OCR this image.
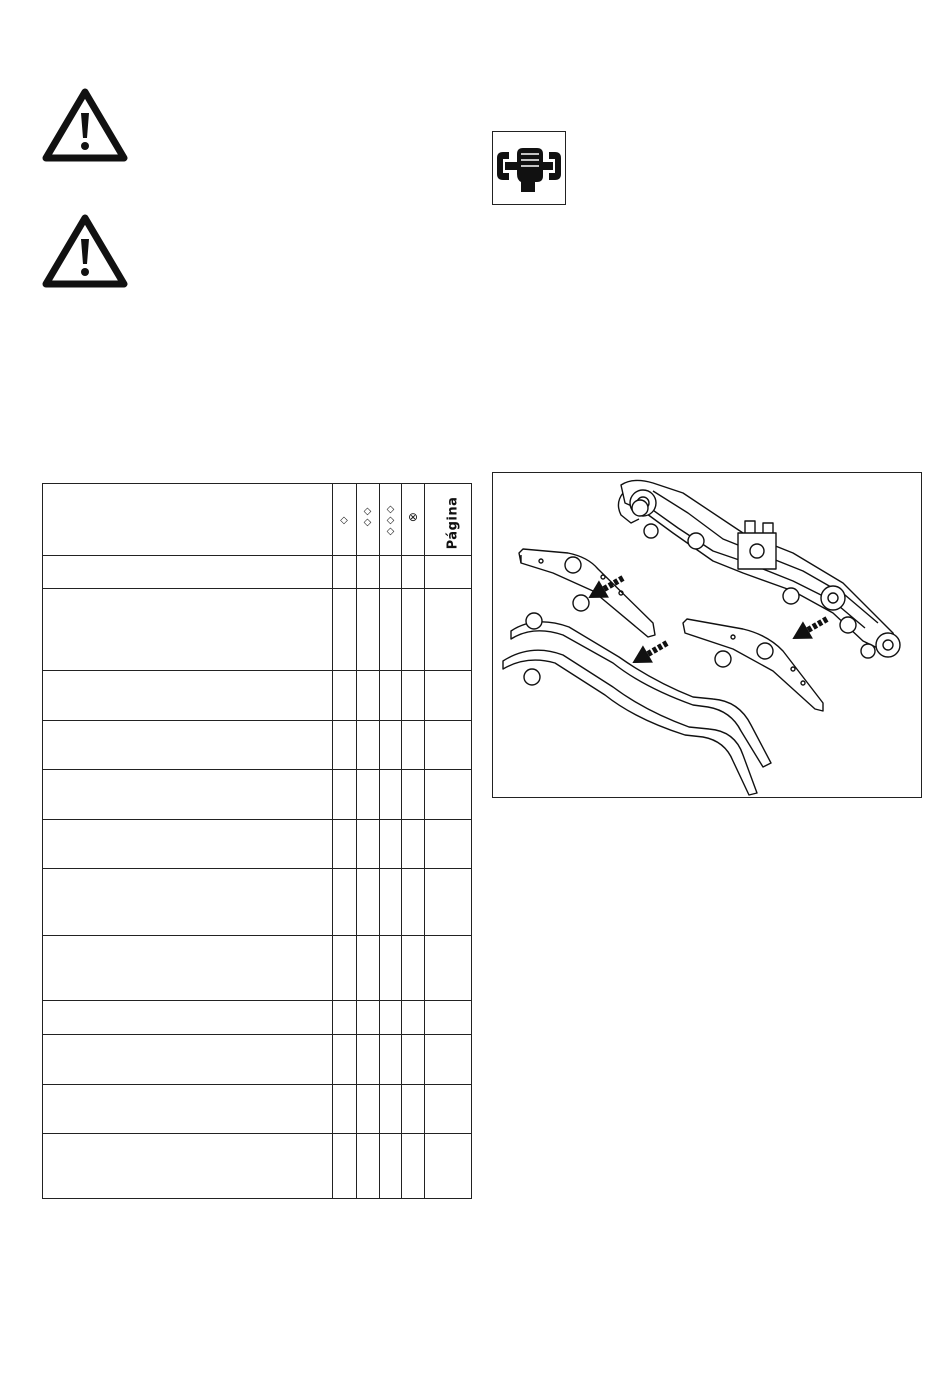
◇
◇◇
◇◇◇
⊗	Página
